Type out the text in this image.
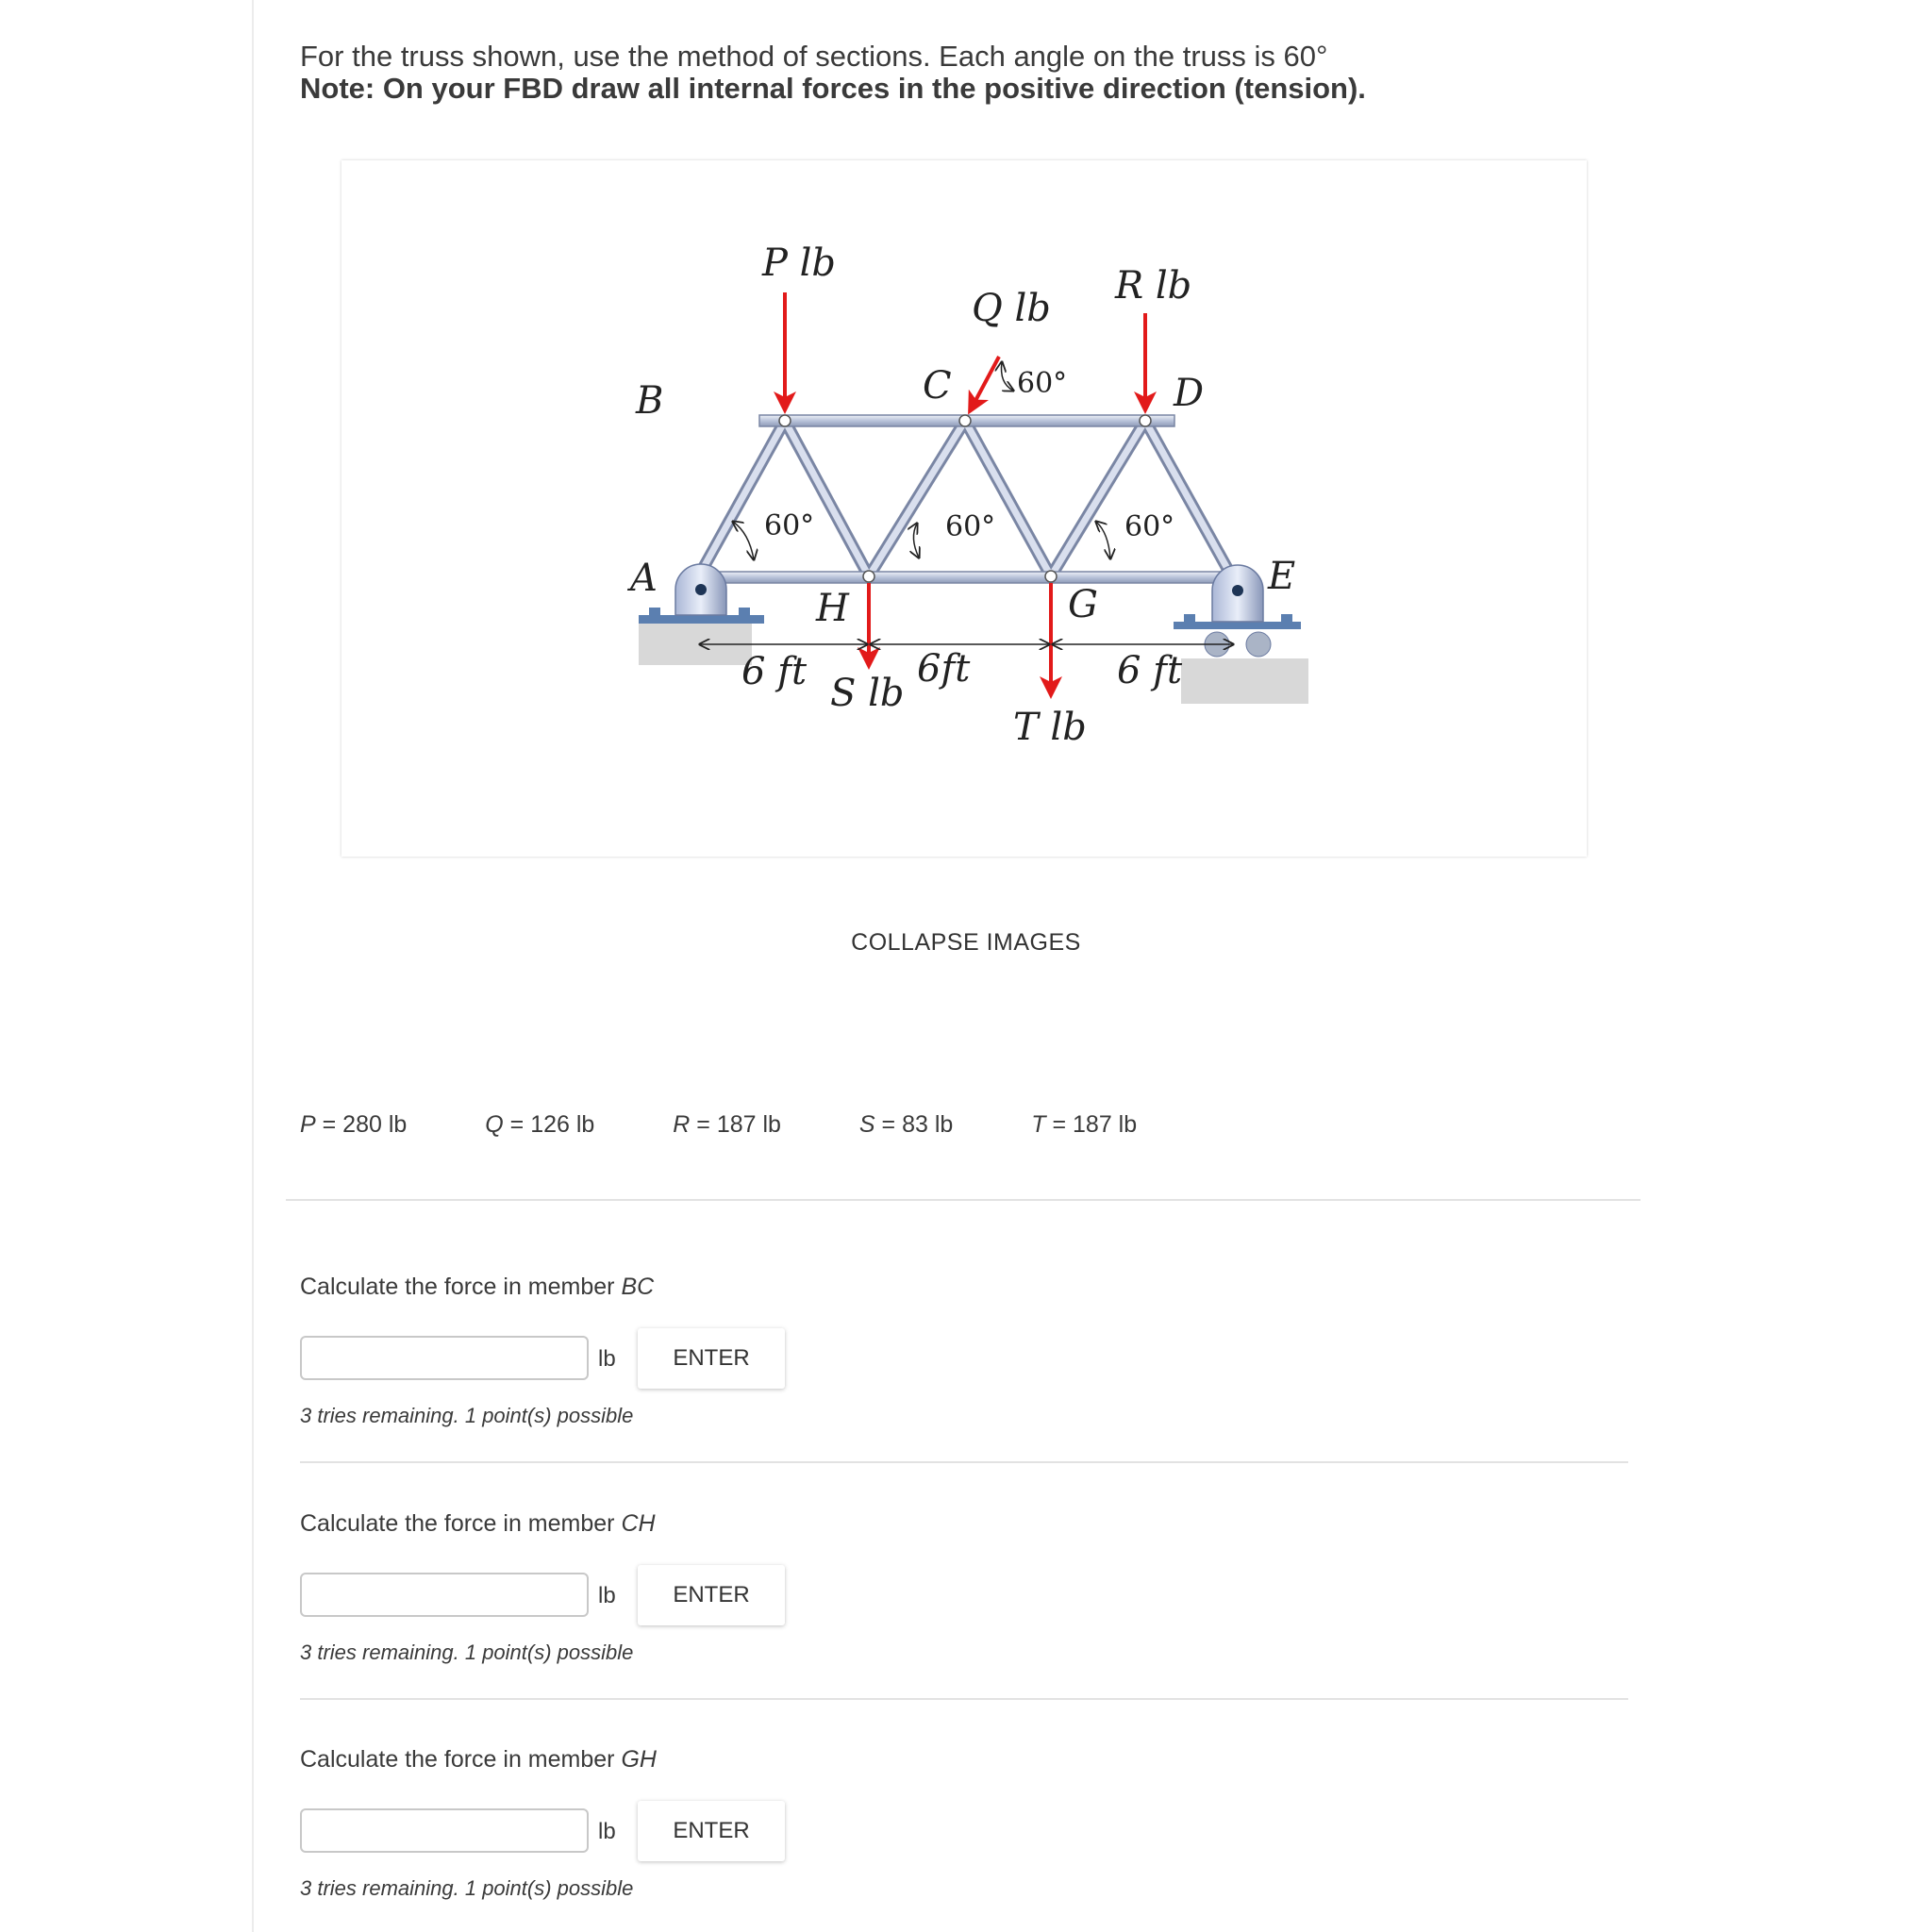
For the truss shown, use the method of sections. Each angle on the truss is 60°
Note: On your FBD draw all internal forces in the positive direction (tension).
P lb
Q lb
R lb
S lb
T lb
B	C	D
A	E
H	G
60°
60°	60°	60°
6 ft	6ft	6 ft
COLLAPSE IMAGES
P = 280 lb	Q = 126 lb	R = 187 lb	S = 83 lb	T = 187 lb
Calculate the force in member BC
lb	ENTER
3 tries remaining. 1 point(s) possible
Calculate the force in member CH
lb	ENTER
3 tries remaining. 1 point(s) possible
Calculate the force in member GH
lb	ENTER
3 tries remaining. 1 point(s) possible
